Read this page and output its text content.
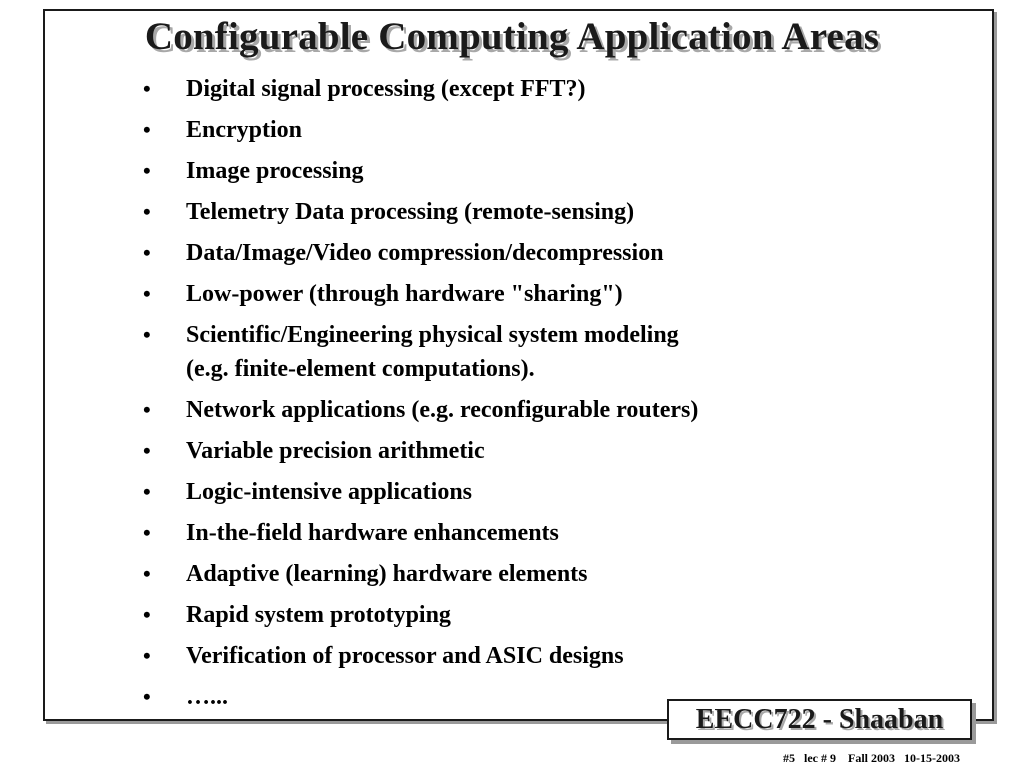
Configurable Computing Application Areas
•	Digital signal processing (except FFT?)
•	Encryption
•	Image processing
•	Telemetry Data processing (remote-sensing)
•	Data/Image/Video compression/decompression
•	Low-power (through hardware "sharing")
•	Scientific/Engineering physical system modeling
(e.g. finite-element computations).
•	Network applications (e.g. reconfigurable routers)
•	Variable precision arithmetic
•	Logic-intensive applications
•	In-the-field hardware enhancements
•	Adaptive (learning) hardware elements
•	Rapid system prototyping
•	Verification of processor and ASIC designs
•	…...
EECC722 - Shaaban
#5   lec # 9    Fall 2003   10-15-2003
